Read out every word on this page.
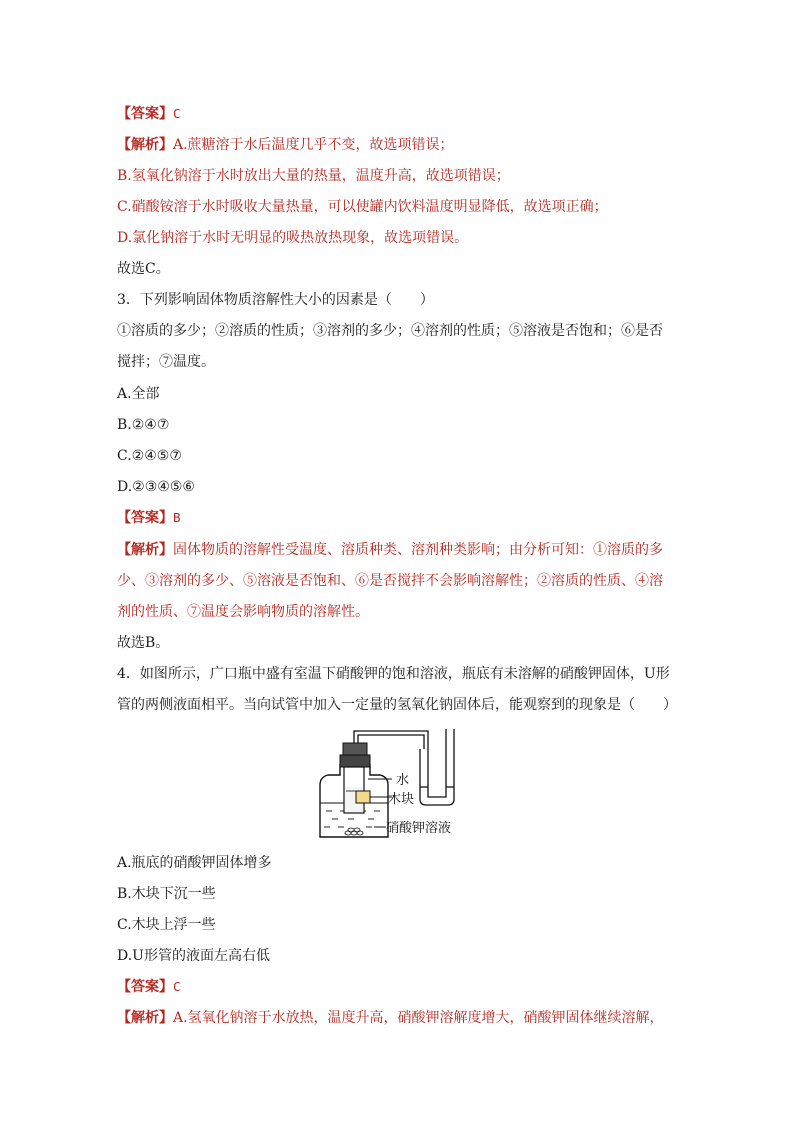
【答案】C
【解析】A.蔗糖溶于水后温度几乎不变，故选项错误；
B.氢氧化钠溶于水时放出大量的热量，温度升高，故选项错误；
C.硝酸铵溶于水时吸收大量热量，可以使罐内饮料温度明显降低，故选项正确；
D.氯化钠溶于水时无明显的吸热放热现象，故选项错误。
故选C。
3．下列影响固体物质溶解性大小的因素是（　　）
①溶质的多少；②溶质的性质；③溶剂的多少；④溶剂的性质；⑤溶液是否饱和；⑥是否
搅拌；⑦温度。
A.全部
B.②④⑦
C.②④⑤⑦
D.②③④⑤⑥
【答案】B
【解析】固体物质的溶解性受温度、溶质种类、溶剂种类影响；由分析可知：①溶质的多
少、③溶剂的多少、⑤溶液是否饱和、⑥是否搅拌不会影响溶解性；②溶质的性质、④溶
剂的性质、⑦温度会影响物质的溶解性。
故选B。
4．如图所示，广口瓶中盛有室温下硝酸钾的饱和溶液，瓶底有未溶解的硝酸钾固体，U形
管的两侧液面相平。当向试管中加入一定量的氢氧化钠固体后，能观察到的现象是（　　）
水
木块
硝酸钾溶液
A.瓶底的硝酸钾固体增多
B.木块下沉一些
C.木块上浮一些
D.U形管的液面左高右低
【答案】C
【解析】A.氢氧化钠溶于水放热，温度升高，硝酸钾溶解度增大，硝酸钾固体继续溶解，
